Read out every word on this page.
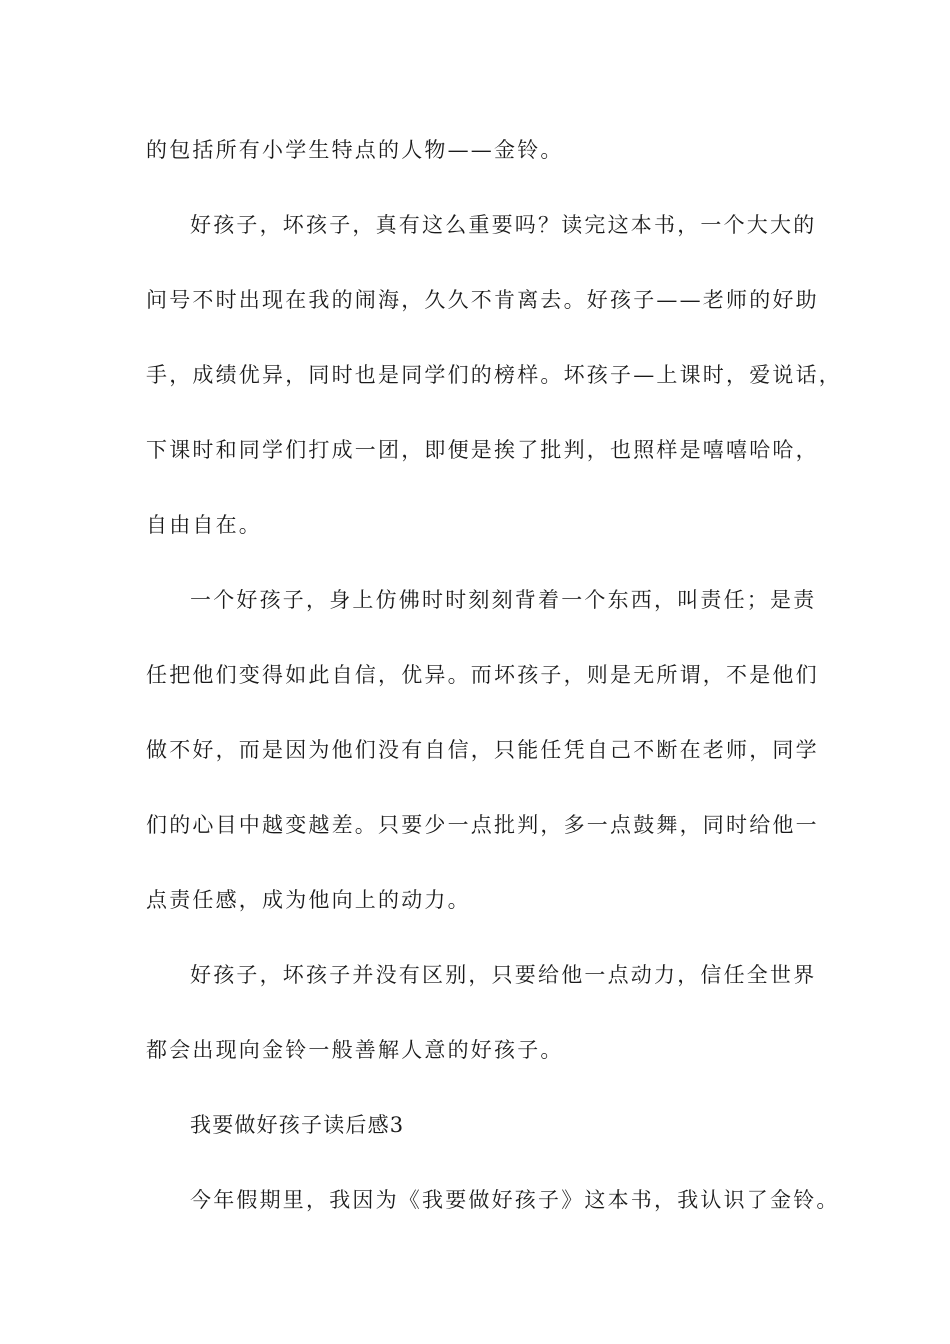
的包括所有小学生特点的人物——金铃。
好孩子，坏孩子，真有这么重要吗？读完这本书，一个大大的
问号不时出现在我的闹海，久久不肯离去。好孩子——老师的好助
手，成绩优异，同时也是同学们的榜样。坏孩子—上课时，爱说话，
下课时和同学们打成一团，即便是挨了批判，也照样是嘻嘻哈哈，
自由自在。
一个好孩子，身上仿佛时时刻刻背着一个东西，叫责任；是责
任把他们变得如此自信，优异。而坏孩子，则是无所谓，不是他们
做不好，而是因为他们没有自信，只能任凭自己不断在老师，同学
们的心目中越变越差。只要少一点批判，多一点鼓舞，同时给他一
点责任感，成为他向上的动力。
好孩子，坏孩子并没有区别，只要给他一点动力，信任全世界
都会出现向金铃一般善解人意的好孩子。
我要做好孩子读后感3
今年假期里，我因为《我要做好孩子》这本书，我认识了金铃。
